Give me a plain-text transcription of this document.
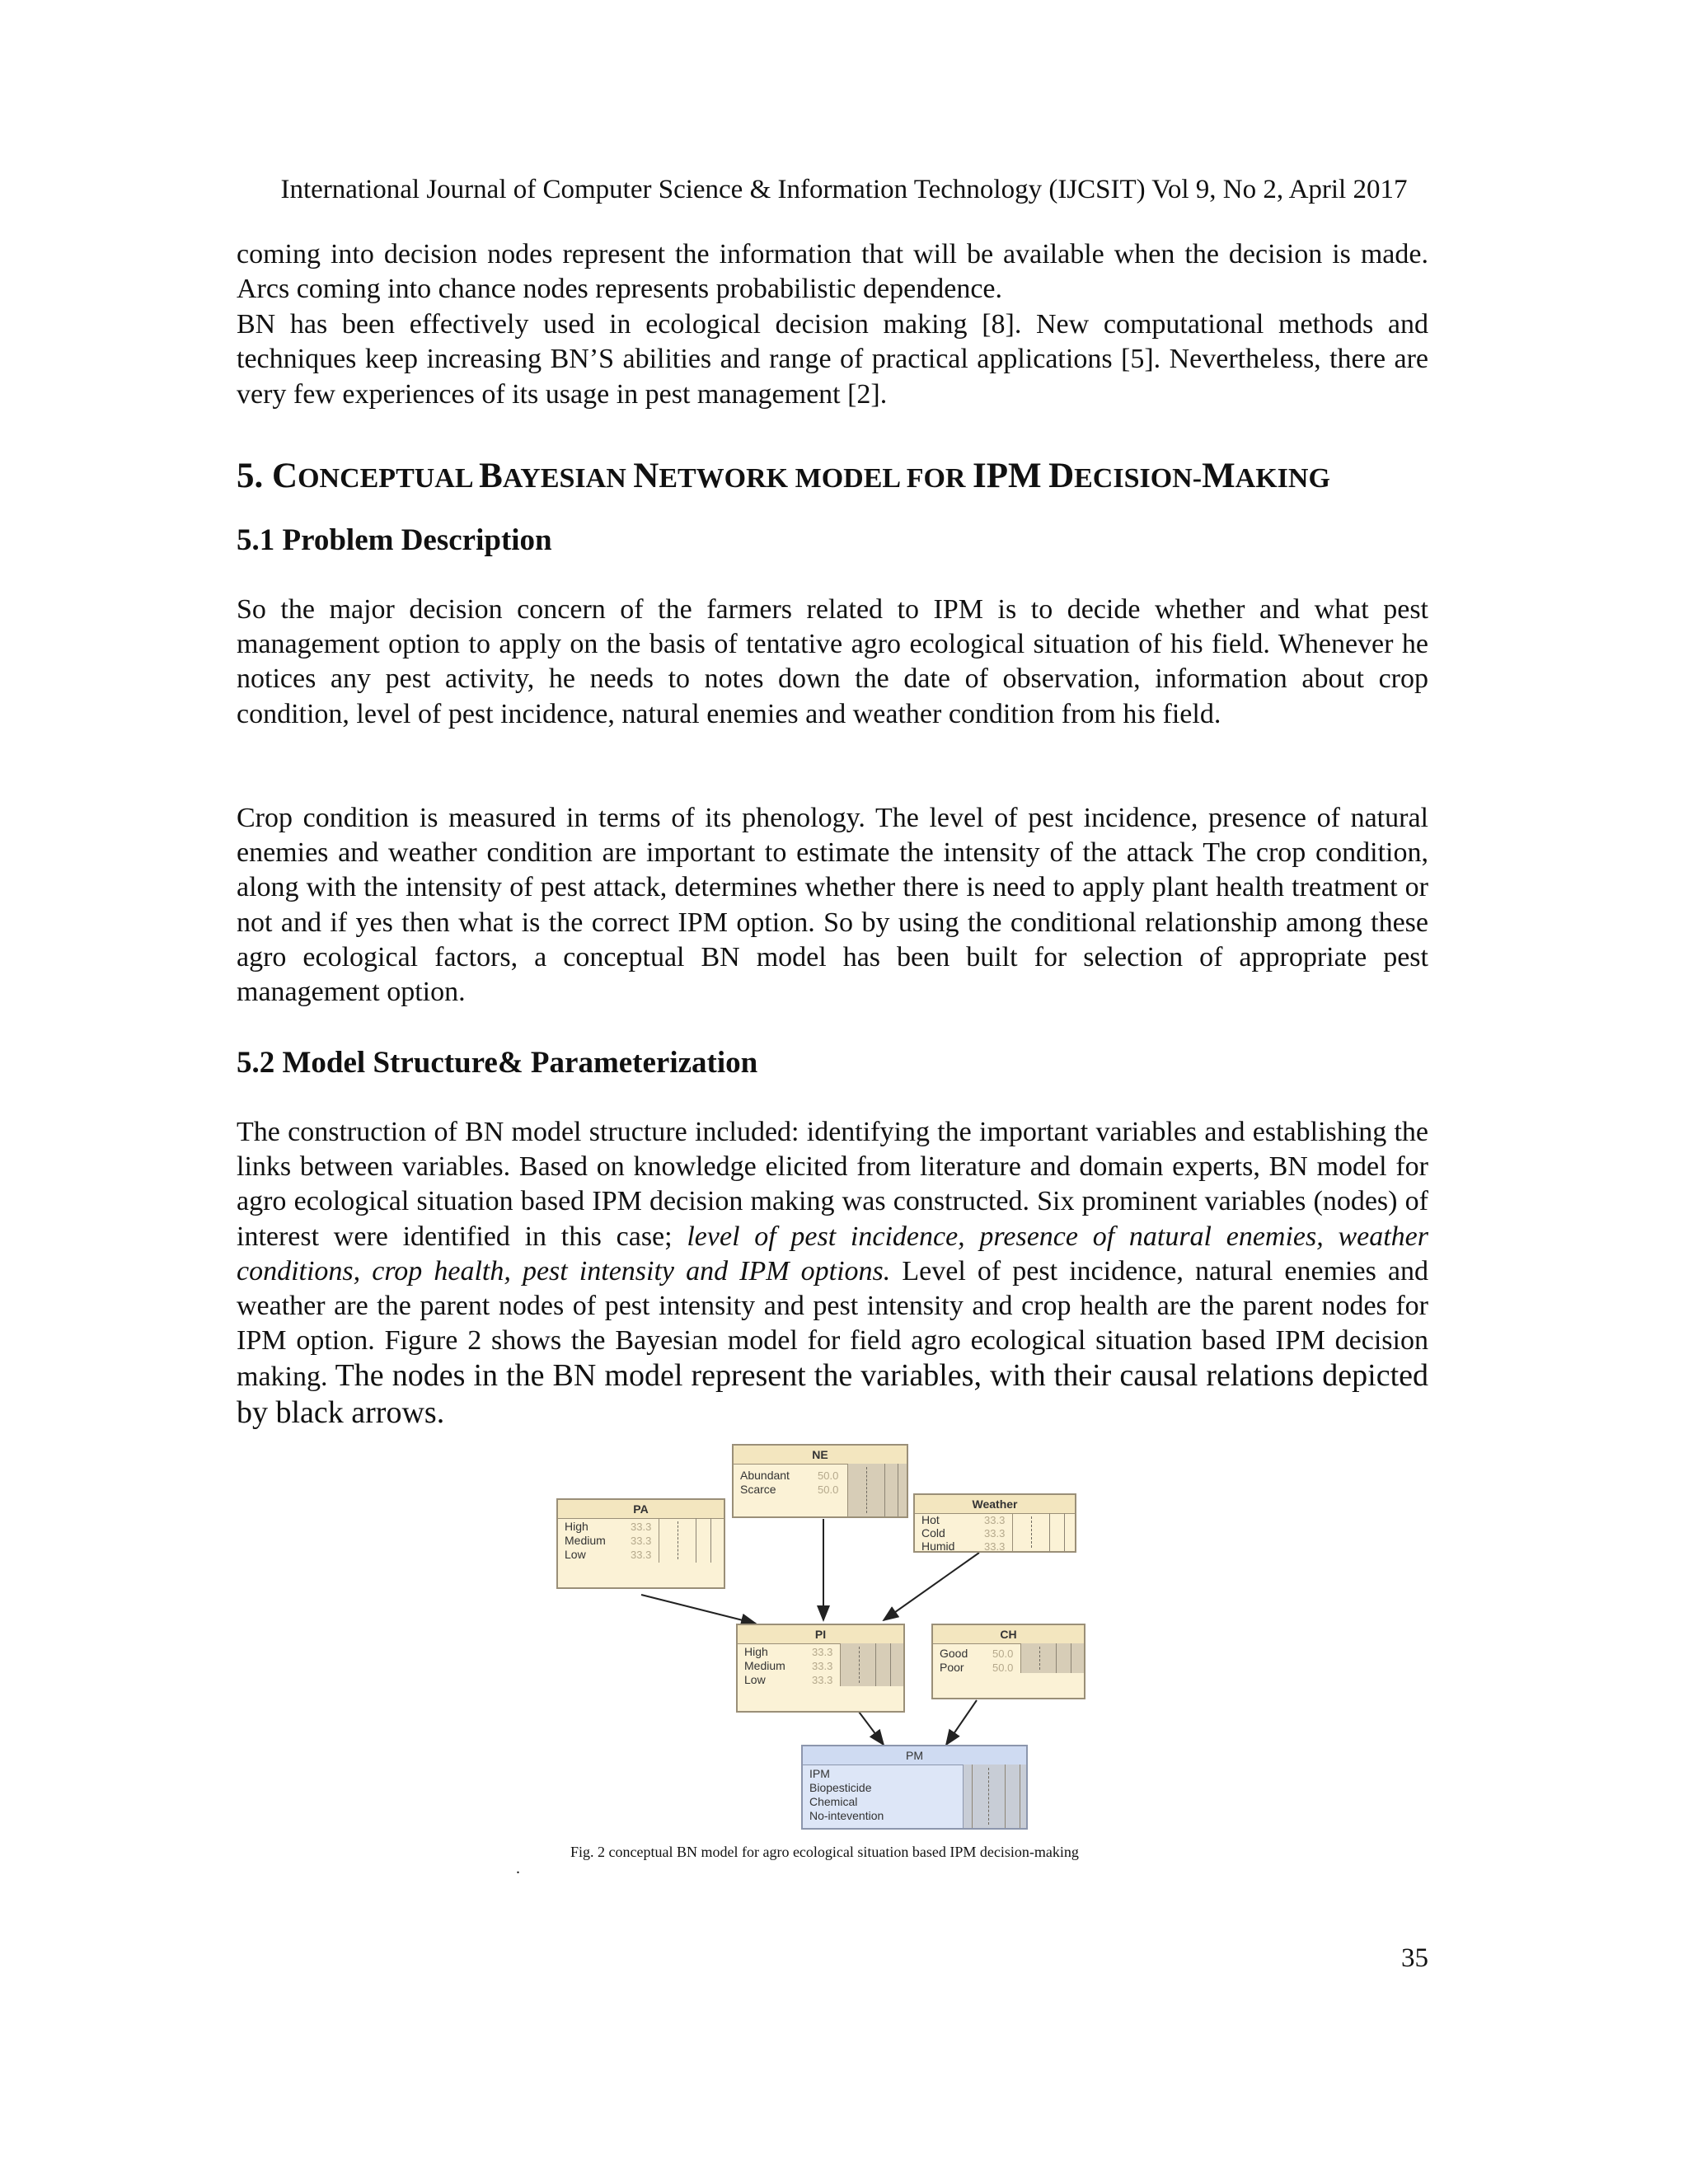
International Journal of Computer Science & Information Technology (IJCSIT) Vol 9, No 2, April 2017

coming into decision nodes represent the information that will be available when the decision is made. Arcs coming into chance nodes represents probabilistic dependence.

BN has been effectively used in ecological decision making [8]. New computational methods and techniques keep increasing BN’S abilities and range of practical applications [5]. Nevertheless, there are very few experiences of its usage in pest management [2].

5. CONCEPTUAL BAYESIAN NETWORK MODEL FOR IPM DECISION-MAKING
5.1 Problem Description

So the major decision concern of the farmers related to IPM is to decide whether and what pest management option to apply on the basis of tentative agro ecological situation of his field. Whenever he notices any pest activity, he needs to notes down the date of observation, information about crop condition, level of pest incidence, natural enemies and weather condition from his field.

Crop condition is measured in terms of its phenology. The level of pest incidence, presence of natural enemies and weather condition are important to estimate the intensity of the attack The crop condition, along with the intensity of pest attack, determines whether there is need to apply plant health treatment or not and if yes then what is the correct IPM option. So by using the conditional relationship among these agro ecological factors, a conceptual BN model has been built for selection of appropriate pest management option.

5.2 Model Structure& Parameterization

The construction of BN model structure included: identifying the important variables and establishing the links between variables. Based on knowledge elicited from literature and domain experts, BN model for agro ecological situation based IPM decision making was constructed. Six prominent variables (nodes) of interest were identified in this case; level of pest incidence, presence of natural enemies, weather conditions, crop health, pest intensity and IPM options. Level of pest incidence, natural enemies and weather are the parent nodes of pest intensity and pest intensity and crop health are the parent nodes for IPM option. Figure 2 shows the Bayesian model for field agro ecological situation based IPM decision making. The nodes in the BN model represent the variables, with their causal relations depicted by black arrows.

NE
Abundant	50.0
Scarce	50.0
PA
High	33.3
Medium 33.3
Low	33.3
Weather
Hot	33.3
Cold	33.3
Humid	33.3
PI
High	33.3
Medium 33.3
Low	33.3
CH
Good 50.0
Poor	50.0
PM
IPM
Biopesticide
Chemical
No-intevention
Fig. 2 conceptual BN model for agro ecological situation based IPM decision-making
.
35
